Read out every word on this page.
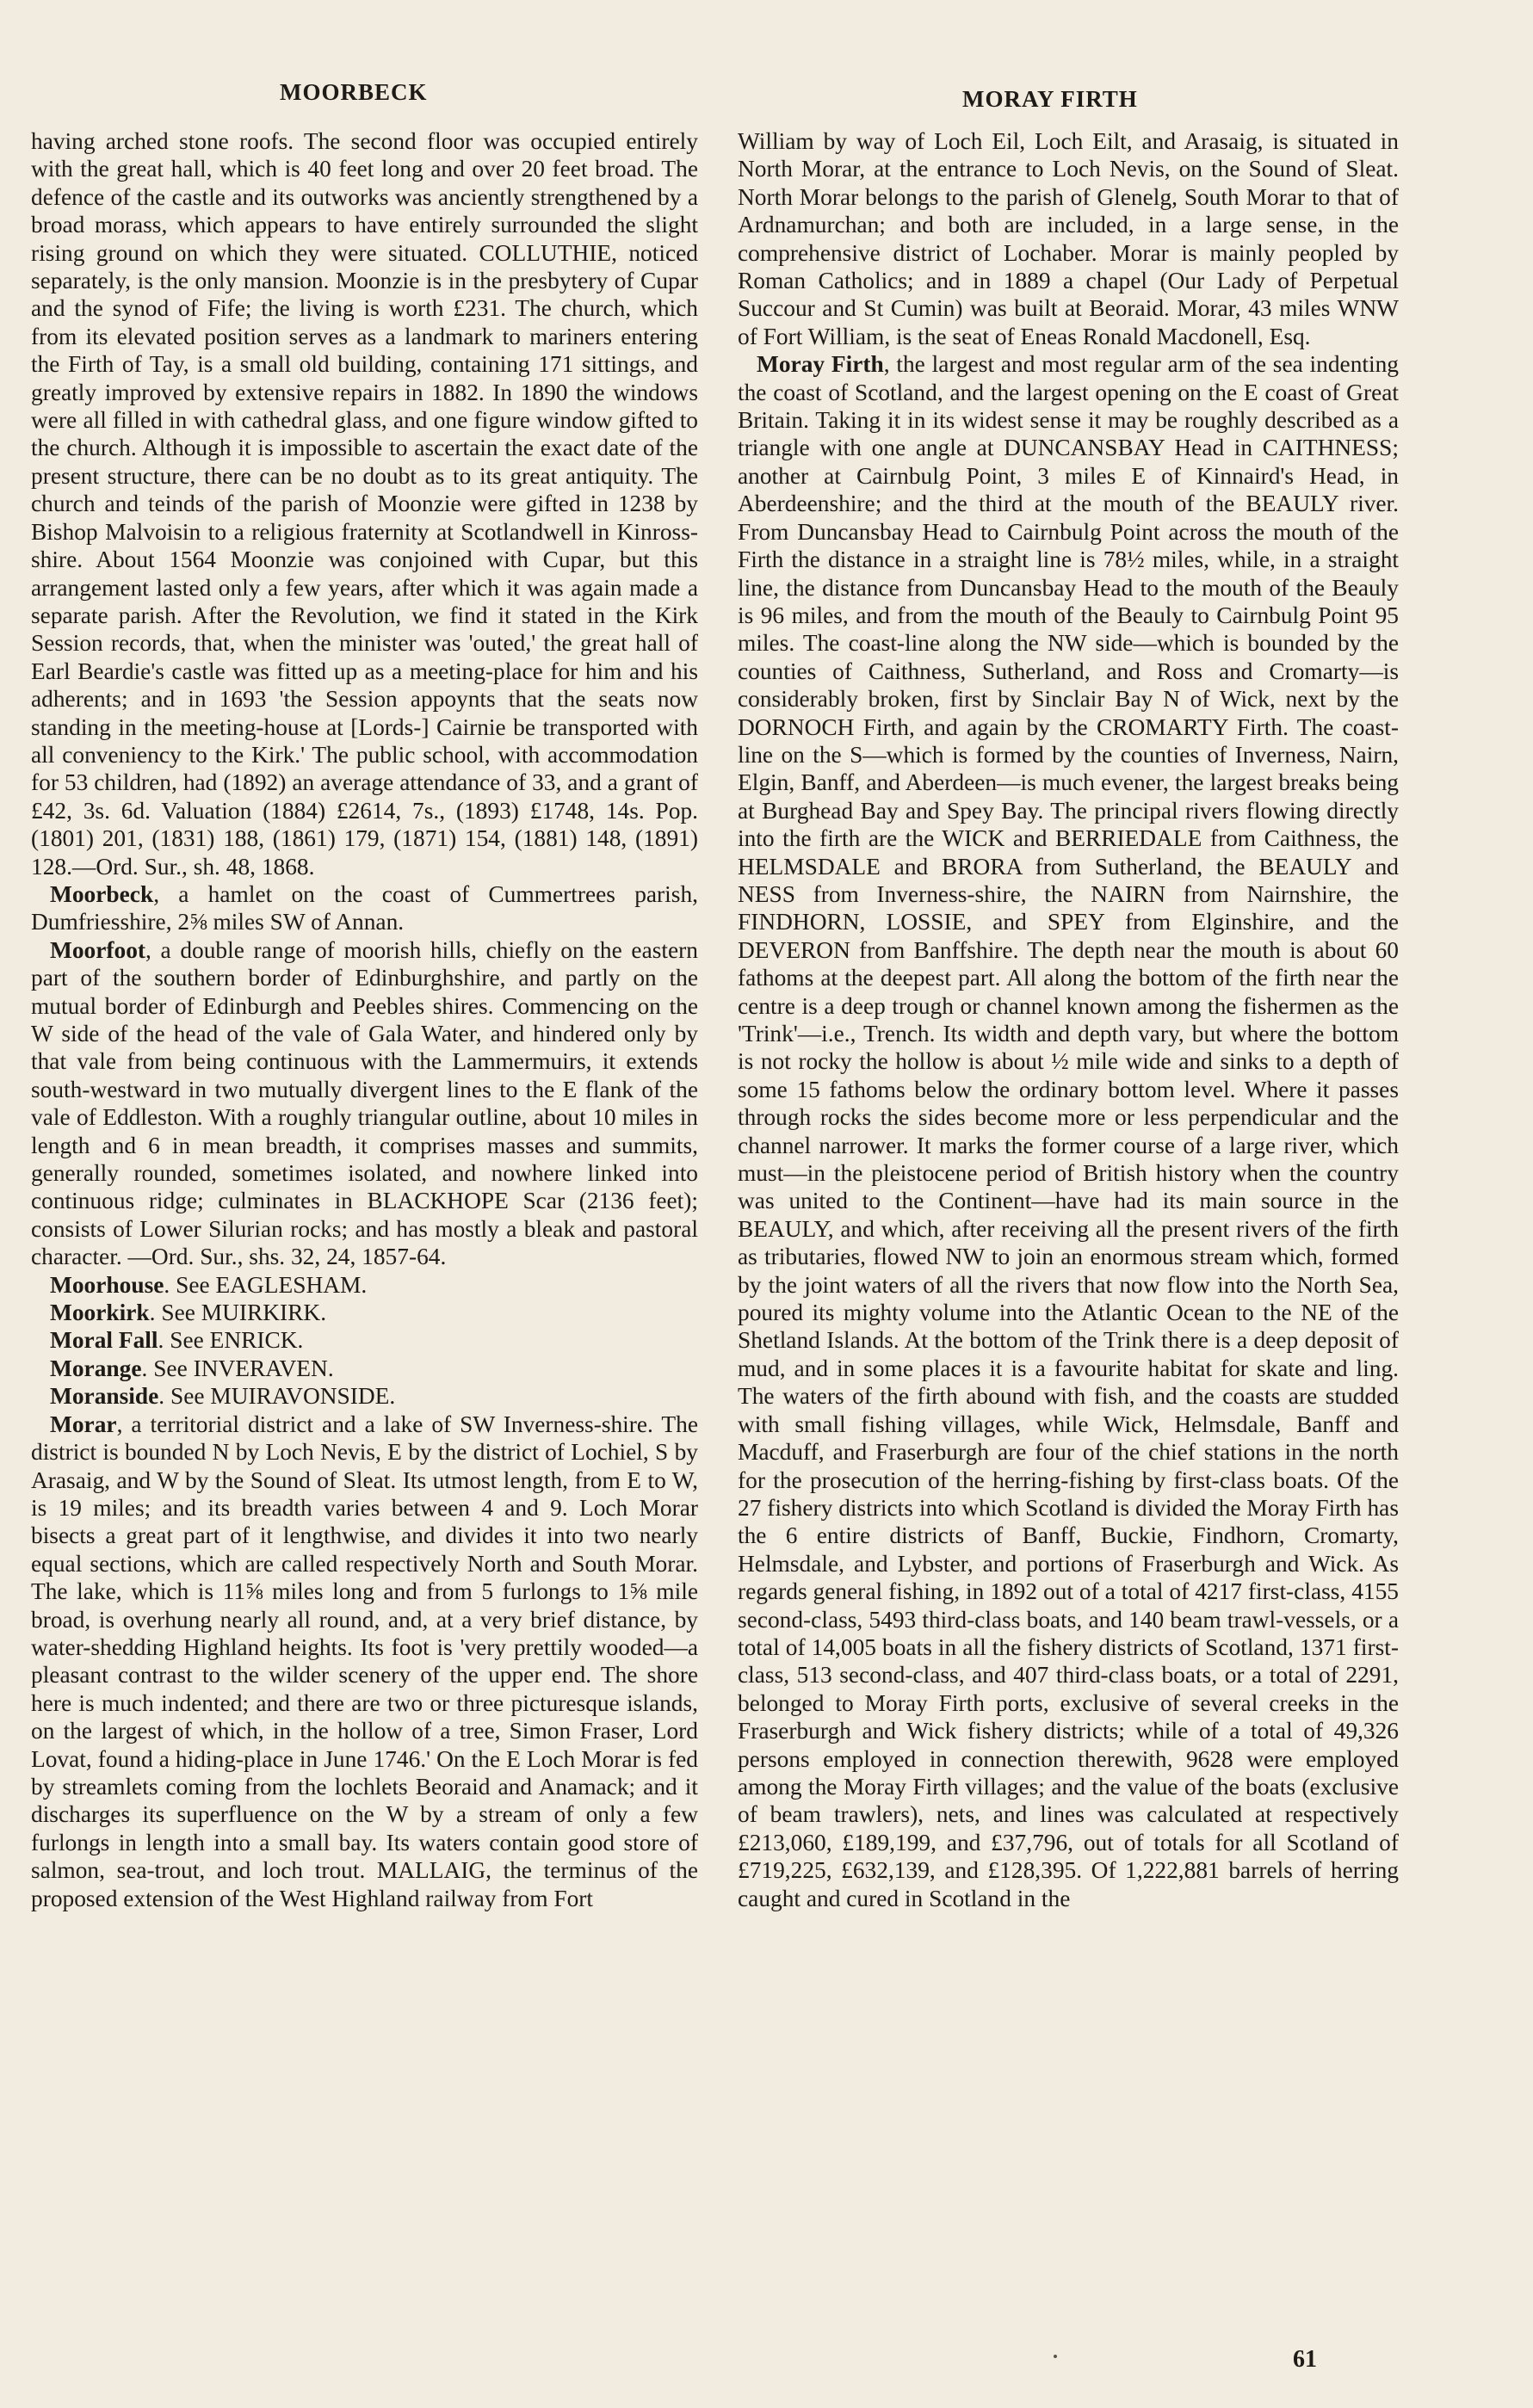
MOORBECK	MORAY FIRTH

having arched stone roofs. The second floor was occupied entirely with the great hall, which is 40 feet long and over 20 feet broad. The defence of the castle and its outworks was anciently strengthened by a broad morass, which appears to have entirely surrounded the slight rising ground on which they were situated. COLLUTHIE, noticed separately, is the only mansion. Moonzie is in the presbytery of Cupar and the synod of Fife; the living is worth £231. The church, which from its elevated position serves as a landmark to mariners entering the Firth of Tay, is a small old building, containing 171 sittings, and greatly improved by extensive repairs in 1882. In 1890 the windows were all filled in with cathedral glass, and one figure window gifted to the church. Although it is impossible to ascertain the exact date of the present structure, there can be no doubt as to its great antiquity. The church and teinds of the parish of Moonzie were gifted in 1238 by Bishop Malvoisin to a religious fraternity at Scotlandwell in Kinross-shire. About 1564 Moonzie was conjoined with Cupar, but this arrangement lasted only a few years, after which it was again made a separate parish. After the Revolution, we find it stated in the Kirk Session records, that, when the minister was 'outed,' the great hall of Earl Beardie's castle was fitted up as a meeting-place for him and his adherents; and in 1693 'the Session appoynts that the seats now standing in the meeting-house at [Lords-] Cairnie be transported with all conveniency to the Kirk.' The public school, with accommodation for 53 children, had (1892) an average attendance of 33, and a grant of £42, 3s. 6d. Valuation (1884) £2614, 7s., (1893) £1748, 14s. Pop. (1801) 201, (1831) 188, (1861) 179, (1871) 154, (1881) 148, (1891) 128.—Ord. Sur., sh. 48, 1868.

Moorbeck, a hamlet on the coast of Cummertrees parish, Dumfriesshire, 2⅝ miles SW of Annan.

Moorfoot, a double range of moorish hills, chiefly on the eastern part of the southern border of Edinburghshire, and partly on the mutual border of Edinburgh and Peebles shires. Commencing on the W side of the head of the vale of Gala Water, and hindered only by that vale from being continuous with the Lammermuirs, it extends south-westward in two mutually divergent lines to the E flank of the vale of Eddleston. With a roughly triangular outline, about 10 miles in length and 6 in mean breadth, it comprises masses and summits, generally rounded, sometimes isolated, and nowhere linked into continuous ridge; culminates in BLACKHOPE Scar (2136 feet); consists of Lower Silurian rocks; and has mostly a bleak and pastoral character. —Ord. Sur., shs. 32, 24, 1857-64.

Moorhouse. See EAGLESHAM.

Moorkirk. See MUIRKIRK.

Moral Fall. See ENRICK.

Morange. See INVERAVEN.

Moranside. See MUIRAVONSIDE.

Morar, a territorial district and a lake of SW Inverness-shire. The district is bounded N by Loch Nevis, E by the district of Lochiel, S by Arasaig, and W by the Sound of Sleat. Its utmost length, from E to W, is 19 miles; and its breadth varies between 4 and 9. Loch Morar bisects a great part of it lengthwise, and divides it into two nearly equal sections, which are called respectively North and South Morar. The lake, which is 11⅝ miles long and from 5 furlongs to 1⅝ mile broad, is overhung nearly all round, and, at a very brief distance, by water-shedding Highland heights. Its foot is 'very prettily wooded—a pleasant contrast to the wilder scenery of the upper end. The shore here is much indented; and there are two or three picturesque islands, on the largest of which, in the hollow of a tree, Simon Fraser, Lord Lovat, found a hiding-place in June 1746.' On the E Loch Morar is fed by streamlets coming from the lochlets Beoraid and Anamack; and it discharges its superfluence on the W by a stream of only a few furlongs in length into a small bay. Its waters contain good store of salmon, sea-trout, and loch trout. MALLAIG, the terminus of the proposed extension of the West Highland railway from Fort

William by way of Loch Eil, Loch Eilt, and Arasaig, is situated in North Morar, at the entrance to Loch Nevis, on the Sound of Sleat. North Morar belongs to the parish of Glenelg, South Morar to that of Ardnamurchan; and both are included, in a large sense, in the comprehensive district of Lochaber. Morar is mainly peopled by Roman Catholics; and in 1889 a chapel (Our Lady of Perpetual Succour and St Cumin) was built at Beoraid. Morar, 43 miles WNW of Fort William, is the seat of Eneas Ronald Macdonell, Esq.

Moray Firth, the largest and most regular arm of the sea indenting the coast of Scotland, and the largest opening on the E coast of Great Britain. Taking it in its widest sense it may be roughly described as a triangle with one angle at DUNCANSBAY Head in CAITHNESS; another at Cairnbulg Point, 3 miles E of Kinnaird's Head, in Aberdeenshire; and the third at the mouth of the BEAULY river. From Duncansbay Head to Cairnbulg Point across the mouth of the Firth the distance in a straight line is 78½ miles, while, in a straight line, the distance from Duncansbay Head to the mouth of the Beauly is 96 miles, and from the mouth of the Beauly to Cairnbulg Point 95 miles. The coast-line along the NW side—which is bounded by the counties of Caithness, Sutherland, and Ross and Cromarty—is considerably broken, first by Sinclair Bay N of Wick, next by the DORNOCH Firth, and again by the CROMARTY Firth. The coast-line on the S—which is formed by the counties of Inverness, Nairn, Elgin, Banff, and Aberdeen—is much evener, the largest breaks being at Burghead Bay and Spey Bay. The principal rivers flowing directly into the firth are the WICK and BERRIEDALE from Caithness, the HELMSDALE and BRORA from Sutherland, the BEAULY and NESS from Inverness-shire, the NAIRN from Nairnshire, the FINDHORN, LOSSIE, and SPEY from Elginshire, and the DEVERON from Banffshire. The depth near the mouth is about 60 fathoms at the deepest part. All along the bottom of the firth near the centre is a deep trough or channel known among the fishermen as the 'Trink'—i.e., Trench. Its width and depth vary, but where the bottom is not rocky the hollow is about ½ mile wide and sinks to a depth of some 15 fathoms below the ordinary bottom level. Where it passes through rocks the sides become more or less perpendicular and the channel narrower. It marks the former course of a large river, which must—in the pleistocene period of British history when the country was united to the Continent—have had its main source in the BEAULY, and which, after receiving all the present rivers of the firth as tributaries, flowed NW to join an enormous stream which, formed by the joint waters of all the rivers that now flow into the North Sea, poured its mighty volume into the Atlantic Ocean to the NE of the Shetland Islands. At the bottom of the Trink there is a deep deposit of mud, and in some places it is a favourite habitat for skate and ling. The waters of the firth abound with fish, and the coasts are studded with small fishing villages, while Wick, Helmsdale, Banff and Macduff, and Fraserburgh are four of the chief stations in the north for the prosecution of the herring-fishing by first-class boats. Of the 27 fishery districts into which Scotland is divided the Moray Firth has the 6 entire districts of Banff, Buckie, Findhorn, Cromarty, Helmsdale, and Lybster, and portions of Fraserburgh and Wick. As regards general fishing, in 1892 out of a total of 4217 first-class, 4155 second-class, 5493 third-class boats, and 140 beam trawl-vessels, or a total of 14,005 boats in all the fishery districts of Scotland, 1371 first-class, 513 second-class, and 407 third-class boats, or a total of 2291, belonged to Moray Firth ports, exclusive of several creeks in the Fraserburgh and Wick fishery districts; while of a total of 49,326 persons employed in connection therewith, 9628 were employed among the Moray Firth villages; and the value of the boats (exclusive of beam trawlers), nets, and lines was calculated at respectively £213,060, £189,199, and £37,796, out of totals for all Scotland of £719,225, £632,139, and £128,395. Of 1,222,881 barrels of herring caught and cured in Scotland in the

61
